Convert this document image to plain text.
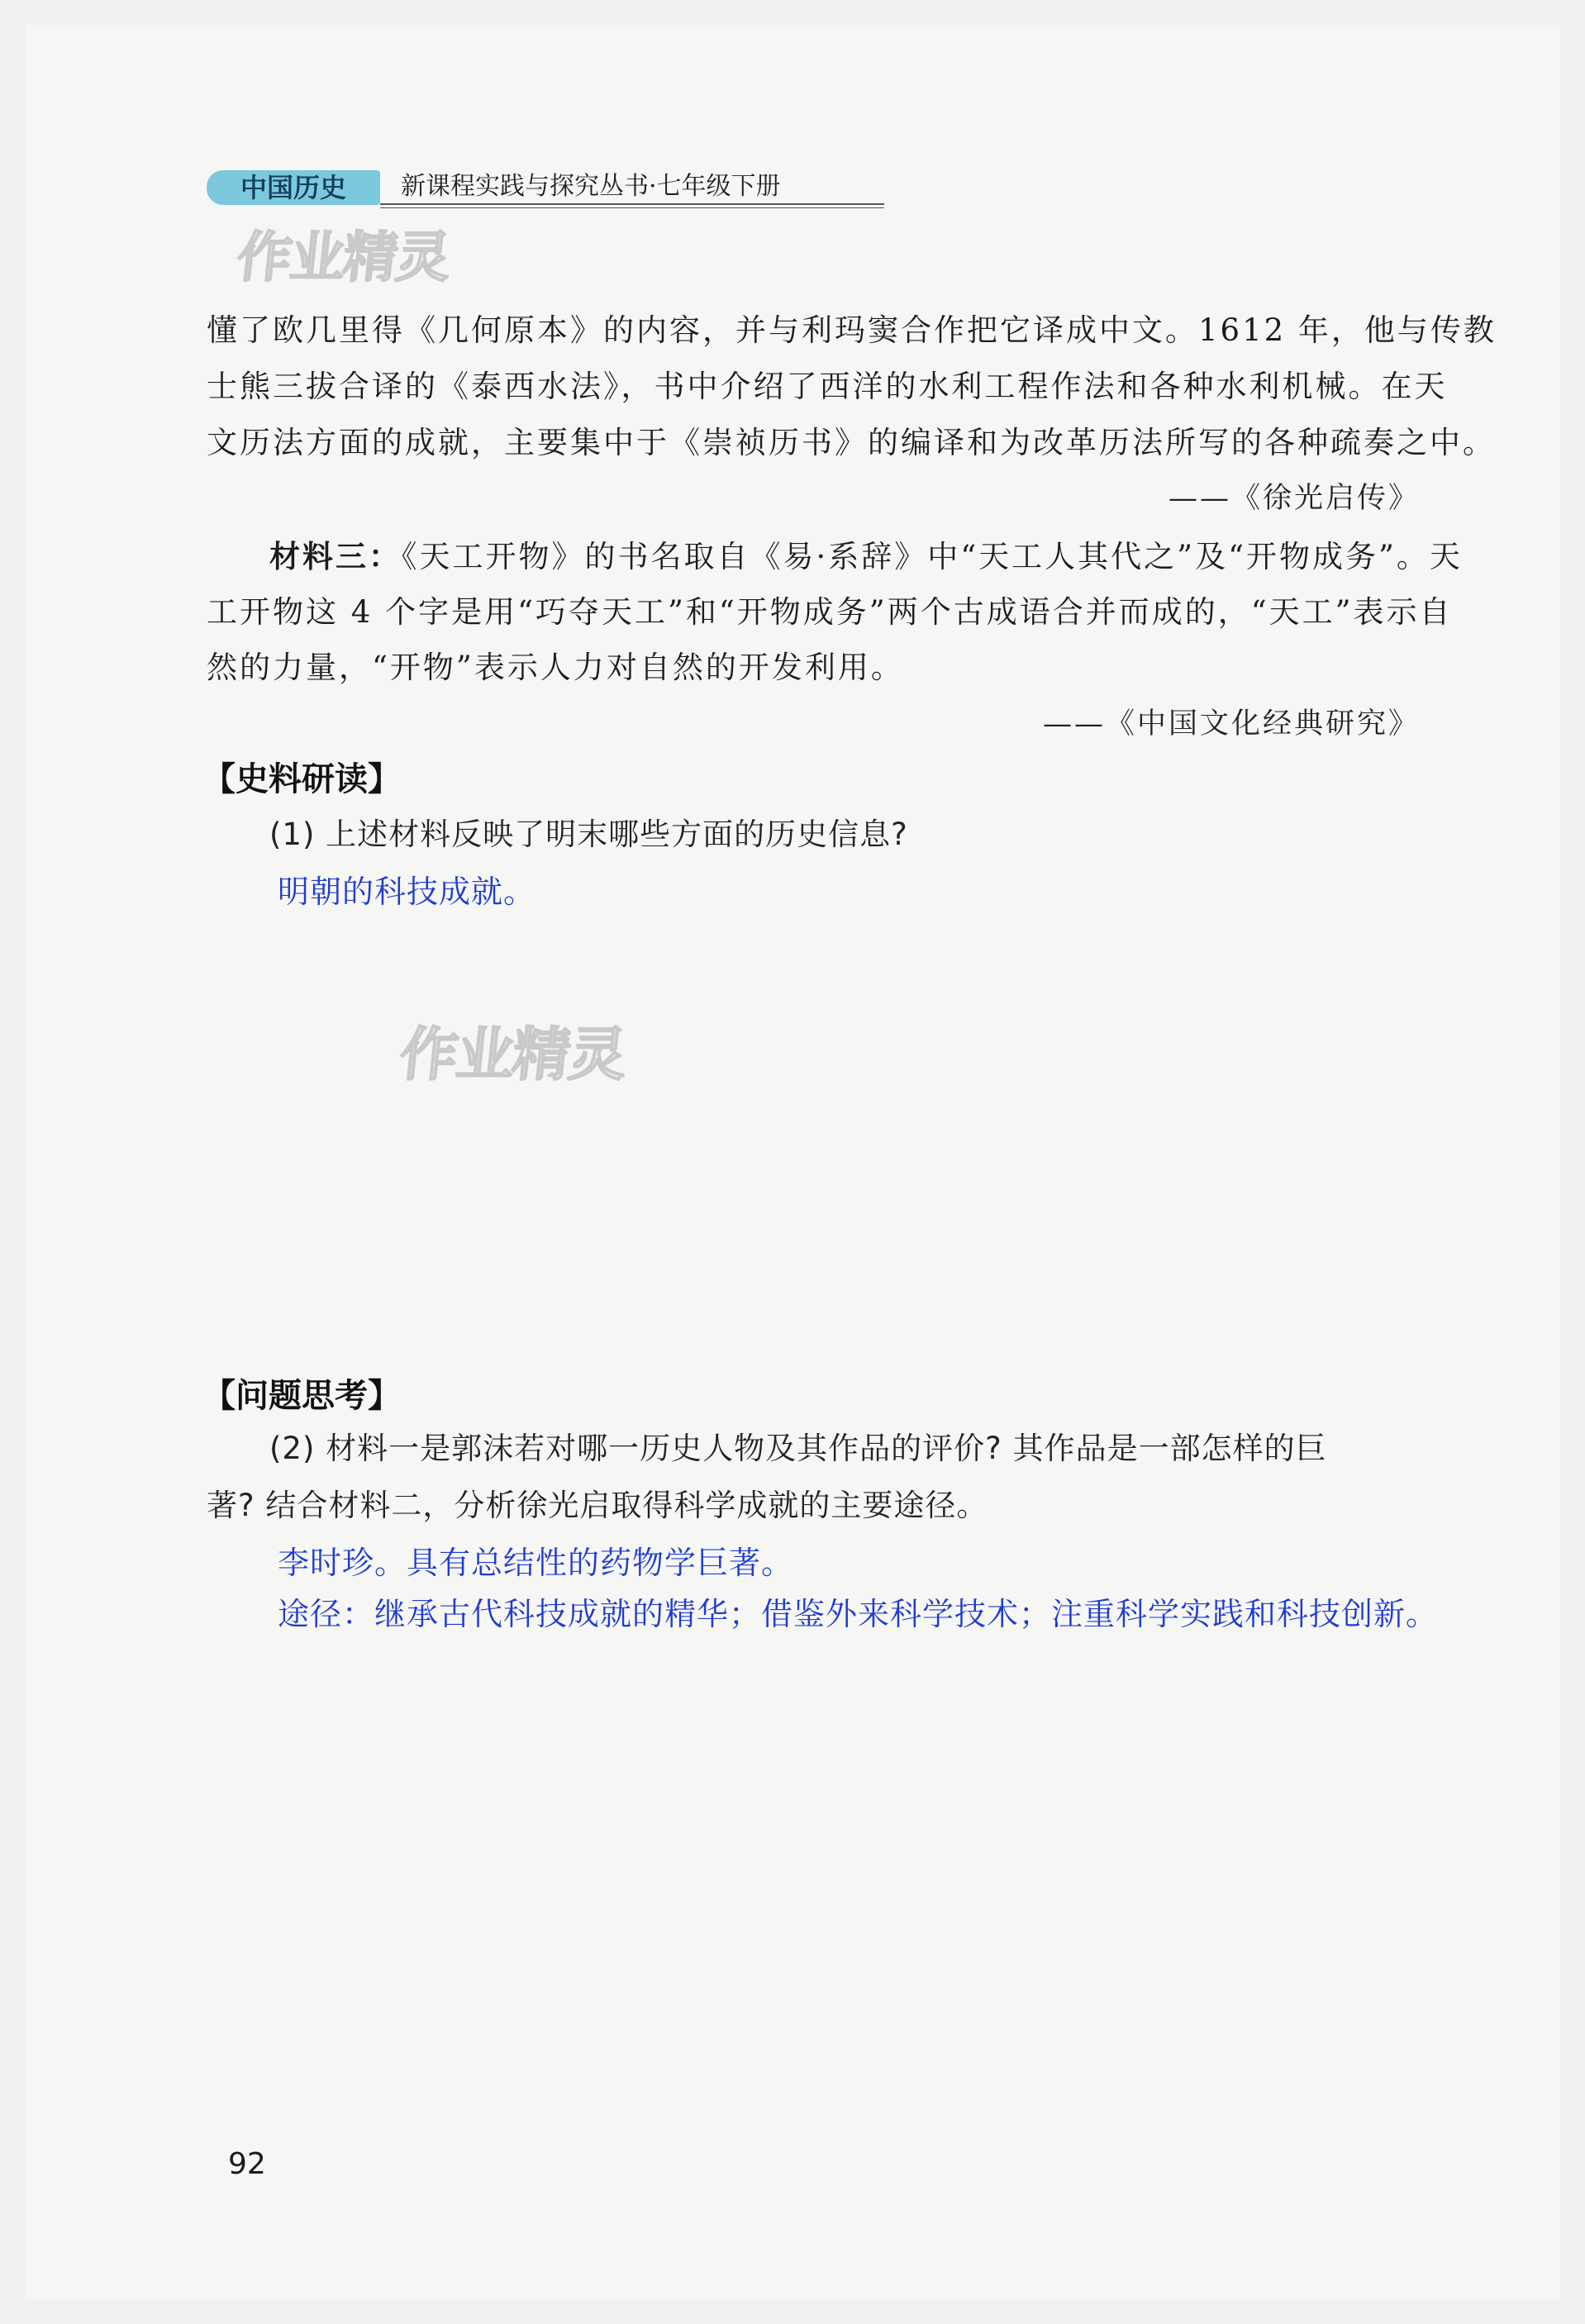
中国历史	新课程实践与探究丛书·七年级下册
作业精灵
懂了欧几里得《几何原本》的内容，并与利玛窦合作把它译成中文。1612 年，他与传教
士熊三拔合译的《泰西水法》，书中介绍了西洋的水利工程作法和各种水利机械。在天
文历法方面的成就，主要集中于《崇祯历书》的编译和为改革历法所写的各种疏奏之中。
——《徐光启传》
材料三：《天工开物》的书名取自《易·系辞》中“天工人其代之”及“开物成务”。天
工开物这 4 个字是用“巧夺天工”和“开物成务”两个古成语合并而成的，“天工”表示自
然的力量，“开物”表示人力对自然的开发利用。
——《中国文化经典研究》
【史料研读】
(1) 上述材料反映了明末哪些方面的历史信息?
明朝的科技成就。
作业精灵
【问题思考】
(2) 材料一是郭沫若对哪一历史人物及其作品的评价? 其作品是一部怎样的巨
著? 结合材料二，分析徐光启取得科学成就的主要途径。
李时珍。具有总结性的药物学巨著。
途径：继承古代科技成就的精华；借鉴外来科学技术；注重科学实践和科技创新。
92
